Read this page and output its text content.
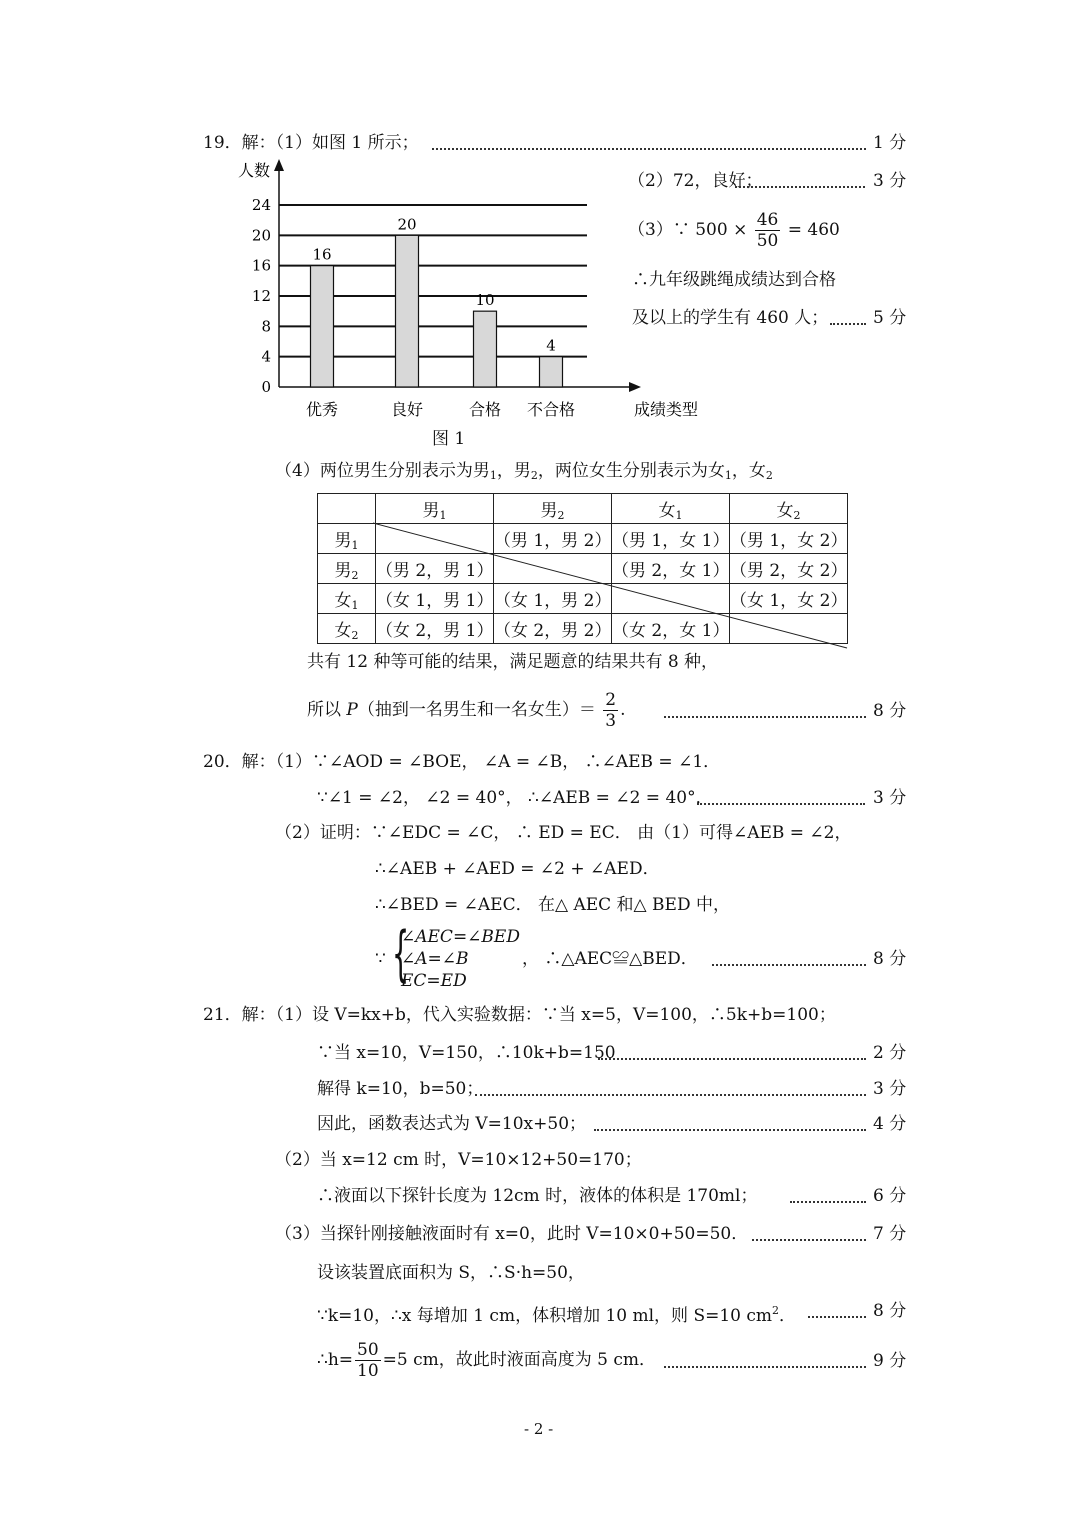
19．解：（1）如图 1 所示；	1 分
0
4
8
12
16
20
24
人数
成绩类型
16
优秀
20
良好
10
合格
4
不合格
图 1
（2）72，良好；	3 分
（3）∵ $500 \times \frac{46}{50} = 460$
∴九年级跳绳成绩达到合格
及以上的学生有 460 人；	5 分
（4）两位男生分别表示为男$_1$，男$_2$，两位女生分别表示为女$_1$，女$_2$
	男$_1$	男$_2$	女$_1$	女$_2$
男$_1$		（男 1，男 2）	（男 1，女 1）	（男 1，女 2）
男$_2$	（男 2，男 1）		（男 2，女 1）	（男 2，女 2）
女$_1$	（女 1，男 1）	（女 1，男 2）		（女 1，女 2）
女$_2$	（女 2，男 1）	（女 2，男 2）	（女 2，女 1）	
共有 12 种等可能的结果，满足题意的结果共有 8 种，
所以 P（抽到一名男生和一名女生）＝ $\frac{2}{3}$ .	8 分
20．解：（1）∵∠AOD = ∠BOE， ∠A = ∠B， ∴∠AEB = ∠1．
∵∠1 = ∠2， ∠2 = 40°， ∴∠AEB = ∠2 = 40°．	3 分
（2）证明：∵∠EDC = ∠C， ∴ ED = EC． 由（1）可得∠AEB = ∠2，
∴∠AEB + ∠AED = ∠2 + ∠AED．
∴∠BED = ∠AEC． 在△ AEC 和△ BED 中，
∵ {
∠AEC=∠BED
∠A=∠B
EC=ED
， ∴△AEC≌△BED．	8 分
21．解：（1）设 V=kx+b，代入实验数据：∵当 x=5，V=100，∴5k+b=100；
∵当 x=10，V=150，∴10k+b=150	2 分
解得 k=10，b=50；	3 分
因此，函数表达式为 V=10x+50；	4 分
（2）当 x=12 cm 时，V=10×12+50=170；
∴液面以下探针长度为 12cm 时，液体的体积是 170ml；	6 分
（3）当探针刚接触液面时有 x=0，此时 V=10×0+50=50．	7 分
设该装置底面积为 S，∴S·h=50，
∵k=10，∴x 每增加 1 cm，体积增加 10 ml，则 S=10 $cm^2$．	8 分
∴h= $\frac{50}{10} =5$ cm，故此时液面高度为 5 cm．	9 分
- 2 -
